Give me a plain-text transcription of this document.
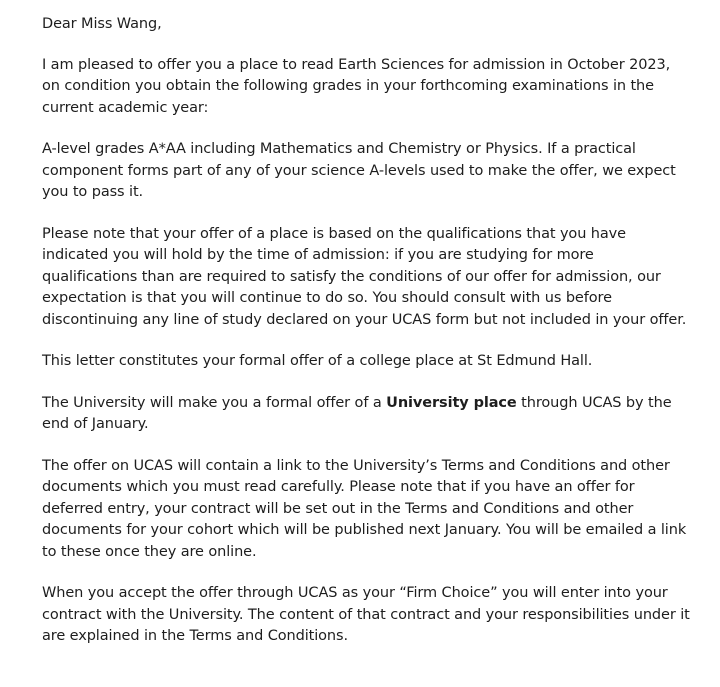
Dear Miss Wang,

I am pleased to offer you a place to read Earth Sciences for admission in October 2023, on condition you obtain the following grades in your forthcoming examinations in the current academic year:

A-level grades A*AA including Mathematics and Chemistry or Physics. If a practical component forms part of any of your science A-levels used to make the offer, we expect you to pass it.

Please note that your offer of a place is based on the qualifications that you have indicated you will hold by the time of admission: if you are studying for more qualifications than are required to satisfy the conditions of our offer for admission, our expectation is that you will continue to do so. You should consult with us before discontinuing any line of study declared on your UCAS form but not included in your offer.

This letter constitutes your formal offer of a college place at St Edmund Hall.

The University will make you a formal offer of a University place through UCAS by the end of January.

The offer on UCAS will contain a link to the University’s Terms and Conditions and other documents which you must read carefully. Please note that if you have an offer for deferred entry, your contract will be set out in the Terms and Conditions and other documents for your cohort which will be published next January. You will be emailed a link to these once they are online.

When you accept the offer through UCAS as your “Firm Choice” you will enter into your contract with the University. The content of that contract and your responsibilities under it are explained in the Terms and Conditions.
